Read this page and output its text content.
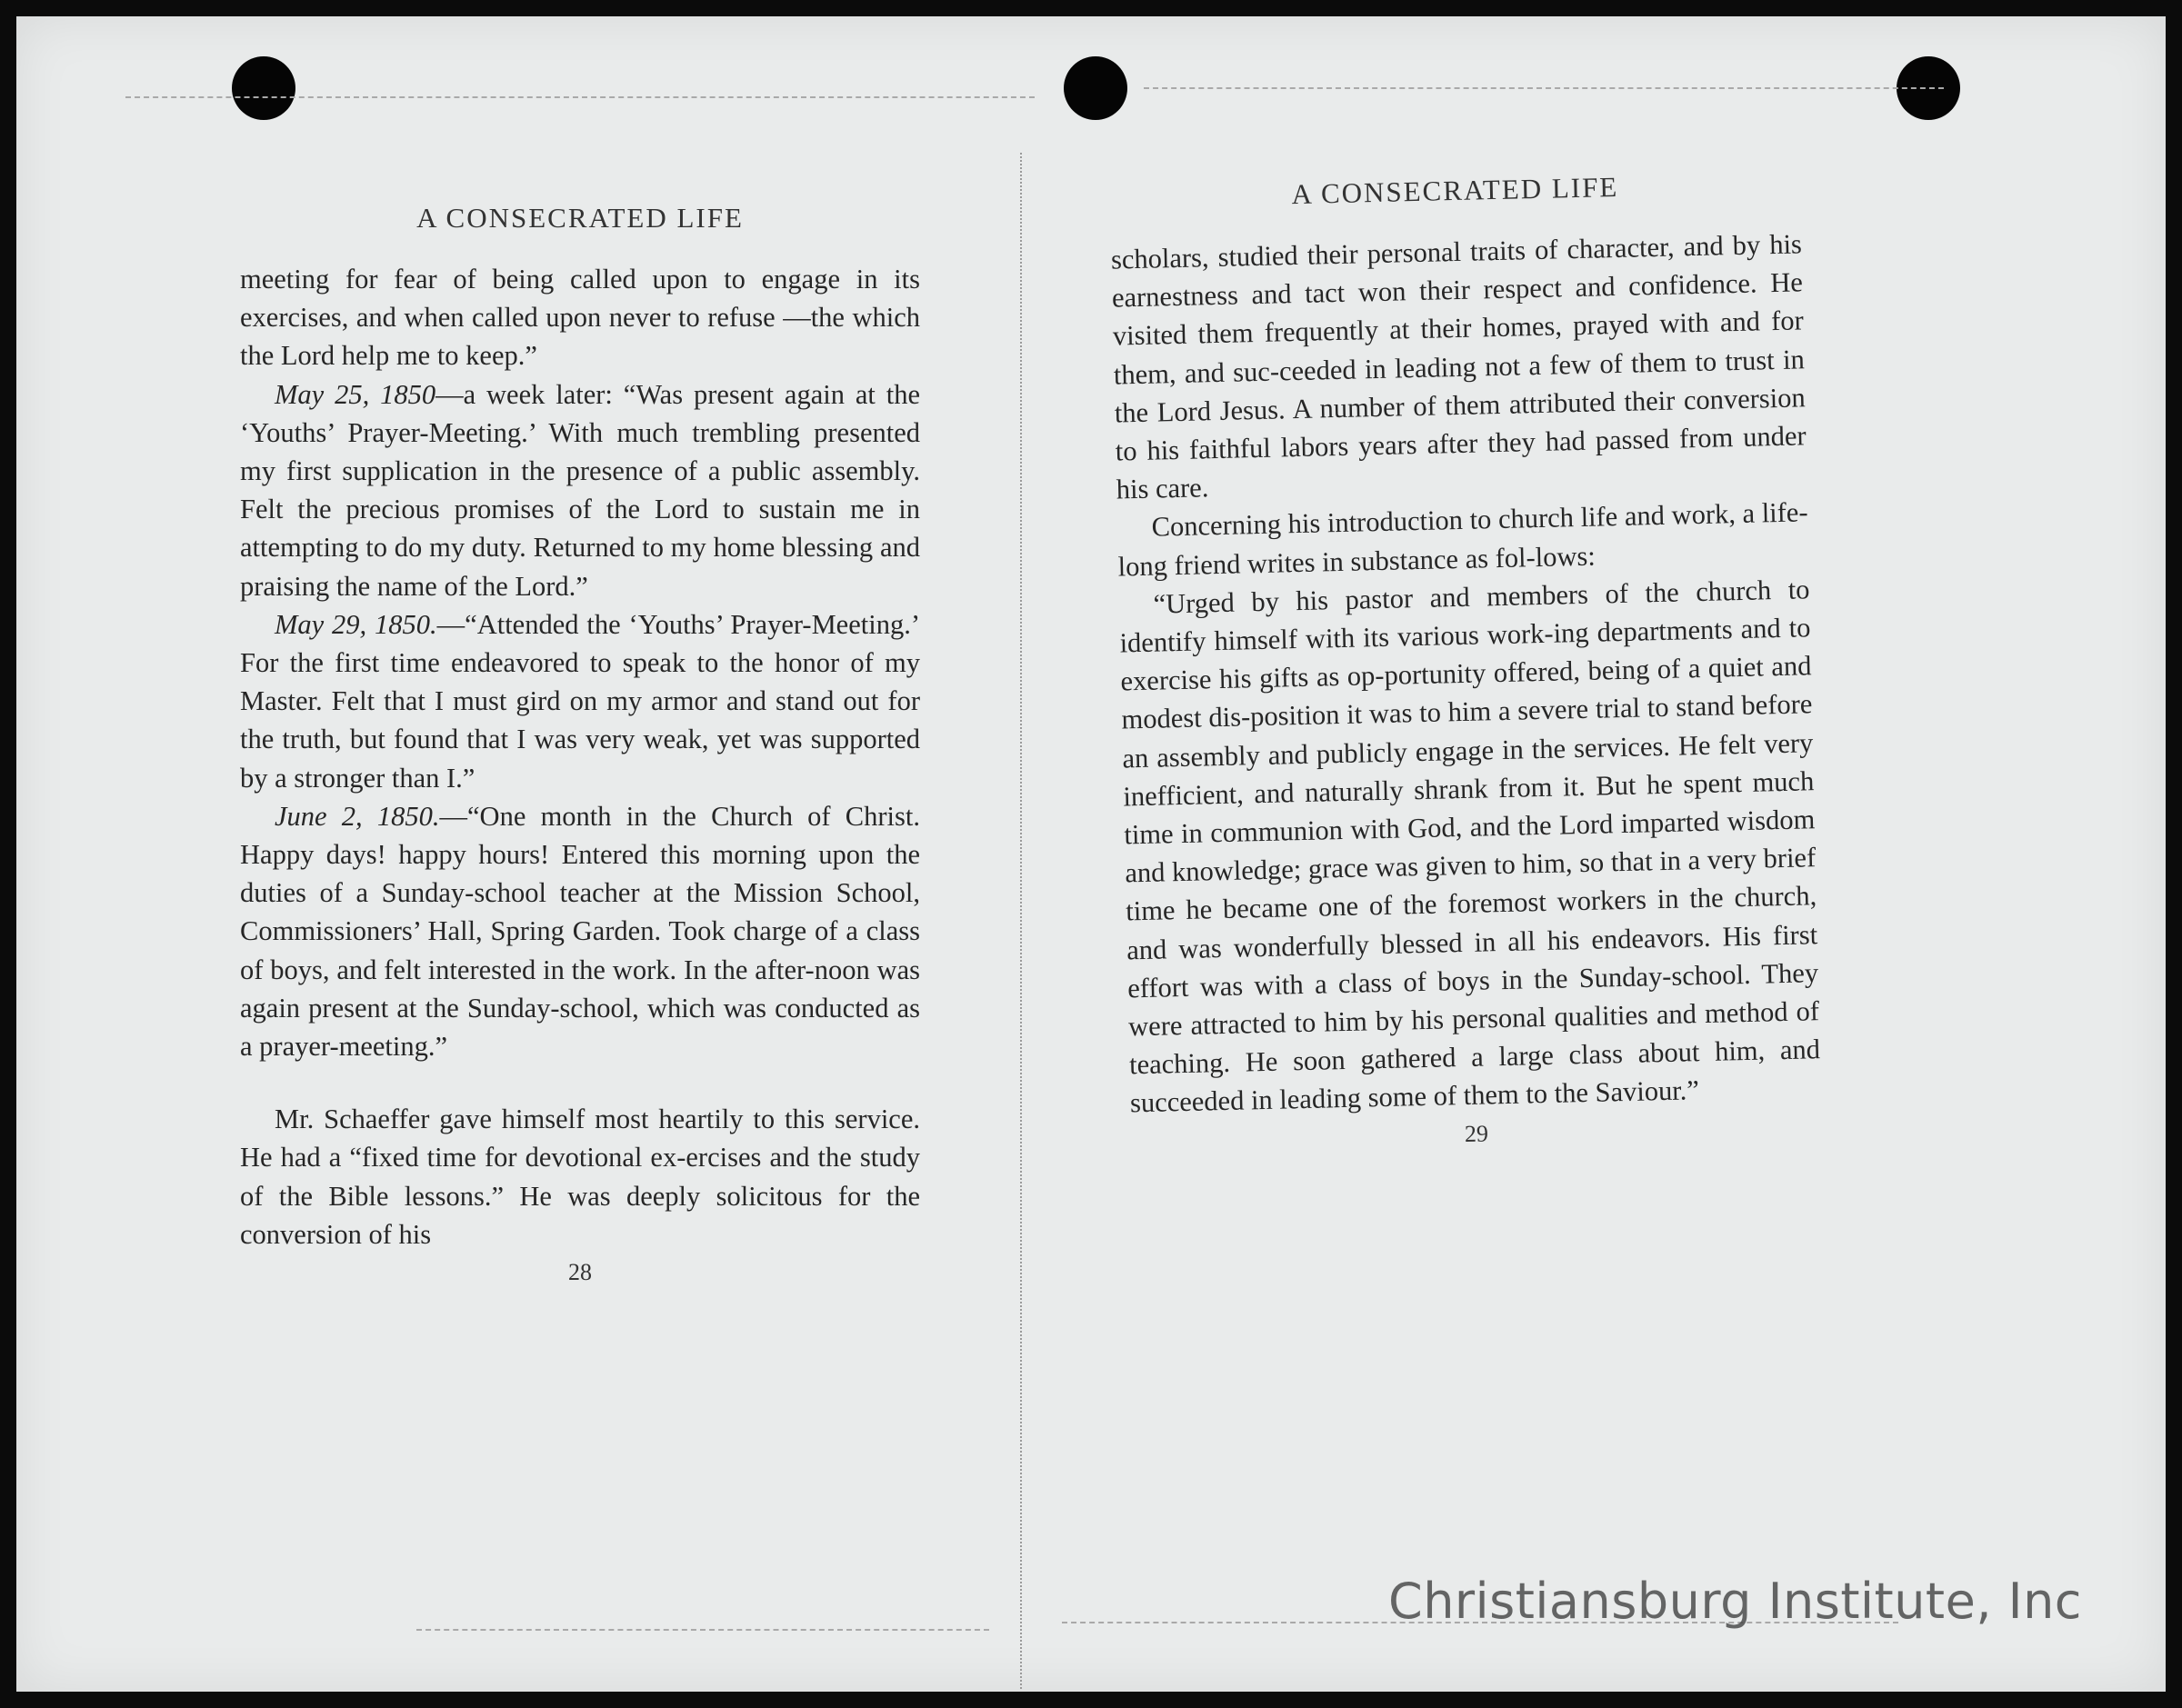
A CONSECRATED LIFE

meeting for fear of being called upon to engage in its exercises, and when called upon never to refuse —the which the Lord help me to keep.”

May 25, 1850—a week later: “Was present again at the ‘Youths’ Prayer-Meeting.’ With much trembling presented my first supplication in the presence of a public assembly. Felt the precious promises of the Lord to sustain me in attempting to do my duty. Returned to my home blessing and praising the name of the Lord.”

May 29, 1850.—“Attended the ‘Youths’ Prayer-Meeting.’ For the first time endeavored to speak to the honor of my Master. Felt that I must gird on my armor and stand out for the truth, but found that I was very weak, yet was supported by a stronger than I.”

June 2, 1850.—“One month in the Church of Christ. Happy days! happy hours! Entered this morning upon the duties of a Sunday-school teacher at the Mission School, Commissioners’ Hall, Spring Garden. Took charge of a class of boys, and felt interested in the work. In the after-noon was again present at the Sunday-school, which was conducted as a prayer-meeting.”

Mr. Schaeffer gave himself most heartily to this service. He had a “fixed time for devotional ex-ercises and the study of the Bible lessons.” He was deeply solicitous for the conversion of his

28
A CONSECRATED LIFE

scholars, studied their personal traits of character, and by his earnestness and tact won their respect and confidence. He visited them frequently at their homes, prayed with and for them, and suc-ceeded in leading not a few of them to trust in the Lord Jesus. A number of them attributed their conversion to his faithful labors years after they had passed from under his care.

Concerning his introduction to church life and work, a life-long friend writes in substance as fol-lows:

“Urged by his pastor and members of the church to identify himself with its various work-ing departments and to exercise his gifts as op-portunity offered, being of a quiet and modest dis-position it was to him a severe trial to stand before an assembly and publicly engage in the services. He felt very inefficient, and naturally shrank from it. But he spent much time in communion with God, and the Lord imparted wisdom and knowledge; grace was given to him, so that in a very brief time he became one of the foremost workers in the church, and was wonderfully blessed in all his endeavors. His first effort was with a class of boys in the Sunday-school. They were attracted to him by his personal qualities and method of teaching. He soon gathered a large class about him, and succeeded in leading some of them to the Saviour.”

29
Christiansburg Institute, Inc
